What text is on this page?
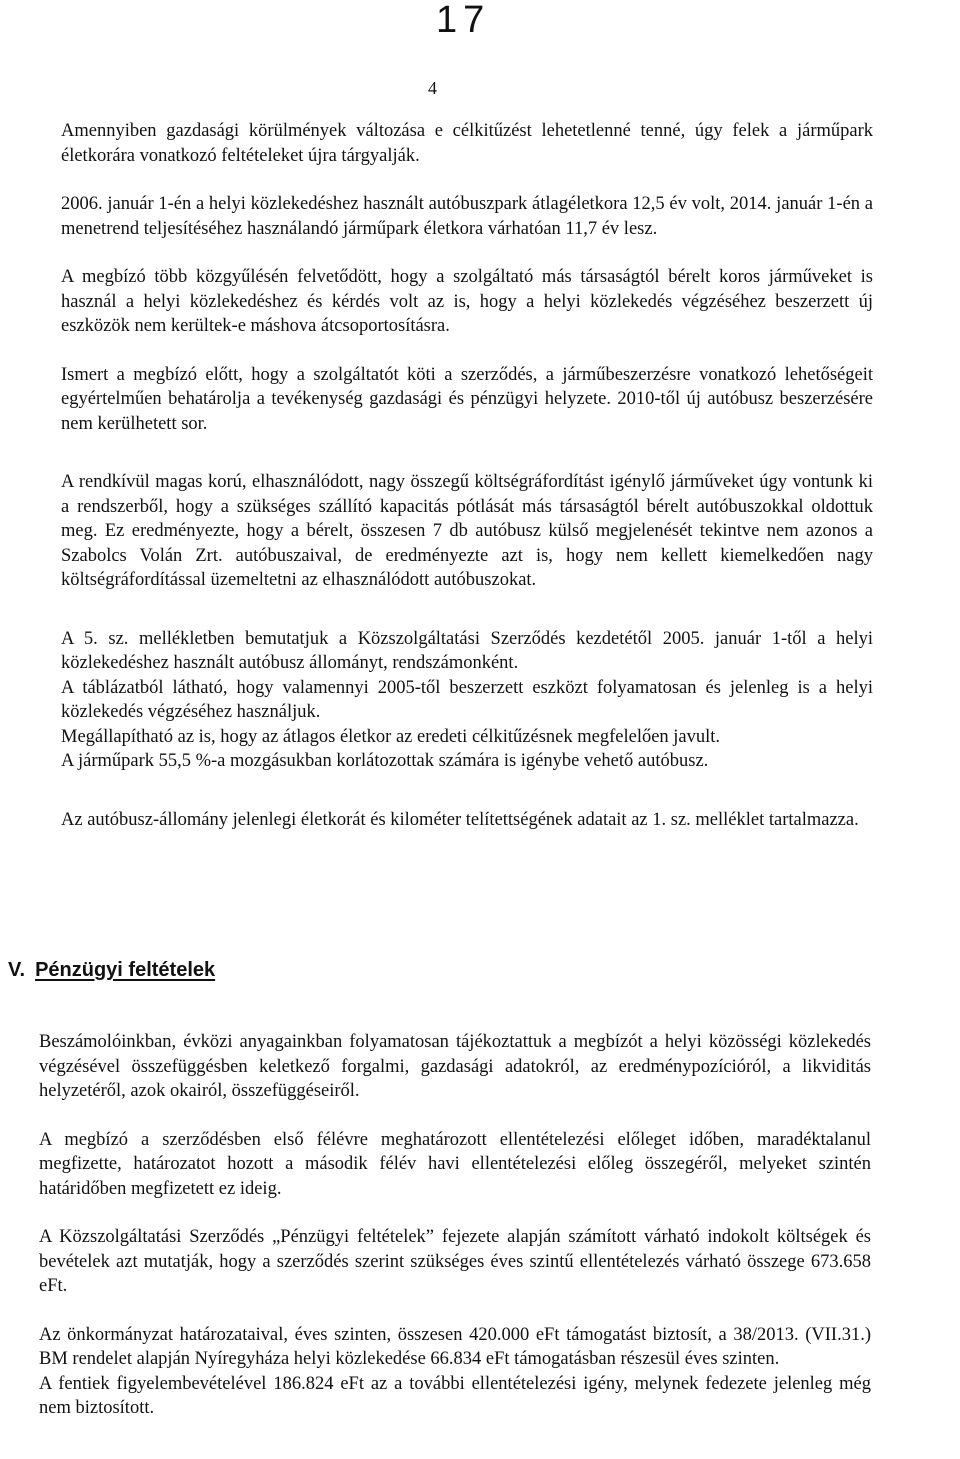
17
4

Amennyiben gazdasági körülmények változása e célkitűzést lehetetlenné tenné, úgy felek a járműpark életkorára vonatkozó feltételeket újra tárgyalják.

2006. január 1-én a helyi közlekedéshez használt autóbuszpark átlagéletkora 12,5 év volt, 2014. január 1-én a menetrend teljesítéséhez használandó járműpark életkora várhatóan 11,7 év lesz.

A megbízó több közgyűlésén felvetődött, hogy a szolgáltató más társaságtól bérelt koros járműveket is használ a helyi közlekedéshez és kérdés volt az is, hogy a helyi közlekedés végzéséhez beszerzett új eszközök nem kerültek-e máshova átcsoportosításra.

Ismert a megbízó előtt, hogy a szolgáltatót köti a szerződés, a járműbeszerzésre vonatkozó lehetőségeit egyértelműen behatárolja a tevékenység gazdasági és pénzügyi helyzete. 2010-től új autóbusz beszerzésére nem kerülhetett sor.

A rendkívül magas korú, elhasználódott, nagy összegű költségráfordítást igénylő járműveket úgy vontunk ki a rendszerből, hogy a szükséges szállító kapacitás pótlását más társaságtól bérelt autóbuszokkal oldottuk meg. Ez eredményezte, hogy a bérelt, összesen 7 db autóbusz külső megjelenését tekintve nem azonos a Szabolcs Volán Zrt. autóbuszaival, de eredményezte azt is, hogy nem kellett kiemelkedően nagy költségráfordítással üzemeltetni az elhasználódott autóbuszokat.

A 5. sz. mellékletben bemutatjuk a Közszolgáltatási Szerződés kezdetétől 2005. január 1-től a helyi közlekedéshez használt autóbusz állományt, rendszámonként.

A táblázatból látható, hogy valamennyi 2005-től beszerzett eszközt folyamatosan és jelenleg is a helyi közlekedés végzéséhez használjuk.

Megállapítható az is, hogy az átlagos életkor az eredeti célkitűzésnek megfelelően javult.

A járműpark 55,5 %-a mozgásukban korlátozottak számára is igénybe vehető autóbusz.

Az autóbusz-állomány jelenlegi életkorát és kilométer telítettségének adatait az 1. sz. melléklet tartalmazza.

V. Pénzügyi feltételek

Beszámolóinkban, évközi anyagainkban folyamatosan tájékoztattuk a megbízót a helyi közösségi közlekedés végzésével összefüggésben keletkező forgalmi, gazdasági adatokról, az eredménypozícióról, a likviditás helyzetéről, azok okairól, összefüggéseiről.

A megbízó a szerződésben első félévre meghatározott ellentételezési előleget időben, maradéktalanul megfizette, határozatot hozott a második félév havi ellentételezési előleg összegéről, melyeket szintén határidőben megfizetett ez ideig.

A Közszolgáltatási Szerződés „Pénzügyi feltételek” fejezete alapján számított várható indokolt költségek és bevételek azt mutatják, hogy a szerződés szerint szükséges éves szintű ellentételezés várható összege 673.658 eFt.

Az önkormányzat határozataival, éves szinten, összesen 420.000 eFt támogatást biztosít, a 38/2013. (VII.31.) BM rendelet alapján Nyíregyháza helyi közlekedése 66.834 eFt támogatásban részesül éves szinten.

A fentiek figyelembevételével 186.824 eFt az a további ellentételezési igény, melynek fedezete jelenleg még nem biztosított.
